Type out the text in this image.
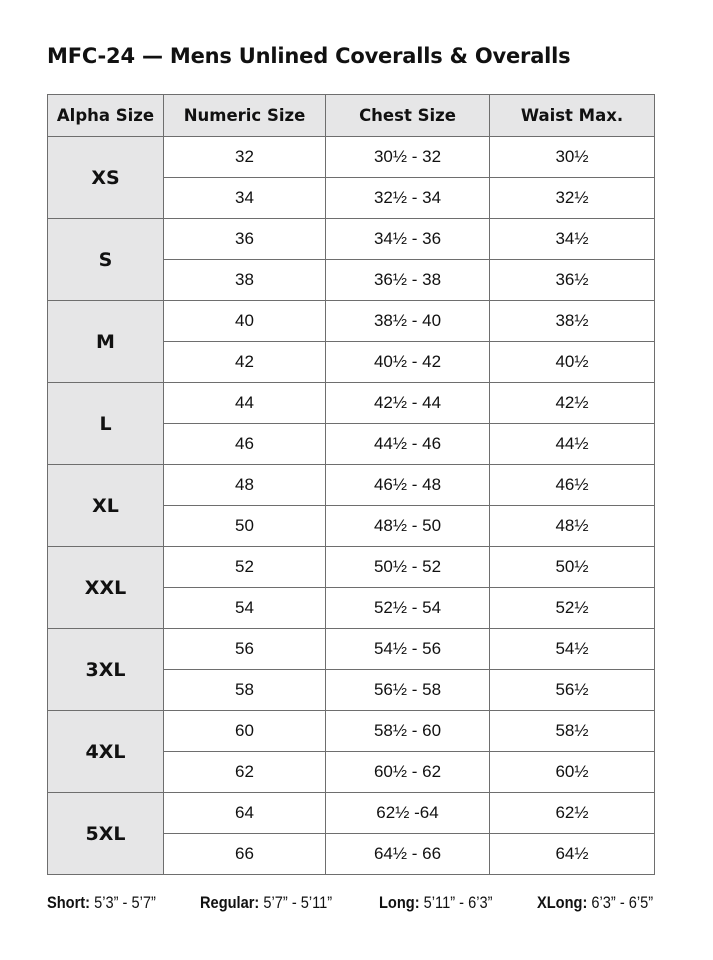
MFC-24 — Mens Unlined Coveralls & Overalls
Alpha Size	Numeric Size	Chest Size	Waist Max.
XS	32	30½ - 32	30½
	34	32½ - 34	32½
S	36	34½ - 36	34½
	38	36½ - 38	36½
M	40	38½ - 40	38½
	42	40½ - 42	40½
L	44	42½ - 44	42½
	46	44½ - 46	44½
XL	48	46½ - 48	46½
	50	48½ - 50	48½
XXL	52	50½ - 52	50½
	54	52½ - 54	52½
3XL	56	54½ - 56	54½
	58	56½ - 58	56½
4XL	60	58½ - 60	58½
	62	60½ - 62	60½
5XL	64	62½ -64	62½
	66	64½ - 66	64½
Short: 5’3” - 5’7”	Regular: 5’7” - 5’11”	Long: 5’11” - 6’3”	XLong: 6’3” - 6’5”
